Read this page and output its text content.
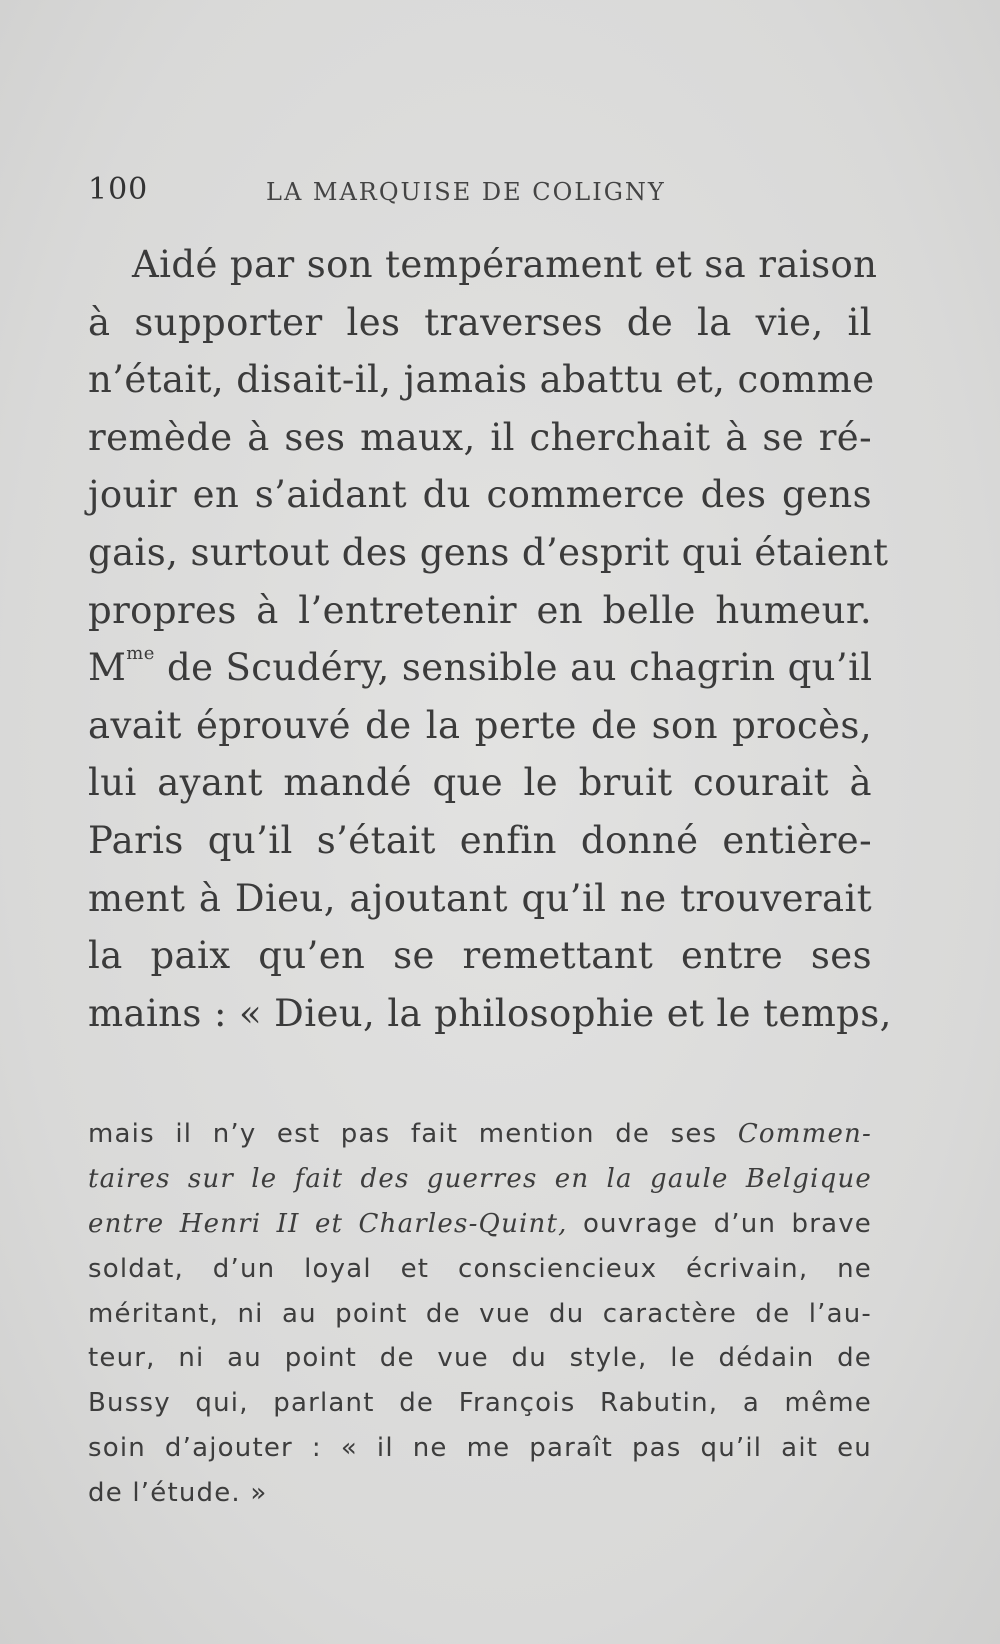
100	LA MARQUISE DE COLIGNY
Aidé par son tempérament et sa raison
à supporter les traverses de la vie, il
n’était, disait-il, jamais abattu et, comme
remède à ses maux, il cherchait à se ré-
jouir en s’aidant du commerce des gens
gais, surtout des gens d’esprit qui étaient
propres à l’entretenir en belle humeur.
$M^{me}$ de Scudéry, sensible au chagrin qu’il
avait éprouvé de la perte de son procès,
lui ayant mandé que le bruit courait à
Paris qu’il s’était enfin donné entière-
ment à Dieu, ajoutant qu’il ne trouverait
la paix qu’en se remettant entre ses
mains : « Dieu, la philosophie et le temps,
mais il n’y est pas fait mention de ses Commen-
taires sur le fait des guerres en la gaule Belgique
entre Henri II et Charles-Quint, ouvrage d’un brave
soldat, d’un loyal et consciencieux écrivain, ne
méritant, ni au point de vue du caractère de l’au-
teur, ni au point de vue du style, le dédain de
Bussy qui, parlant de François Rabutin, a même
soin d’ajouter : « il ne me paraît pas qu’il ait eu
de l’étude. »
